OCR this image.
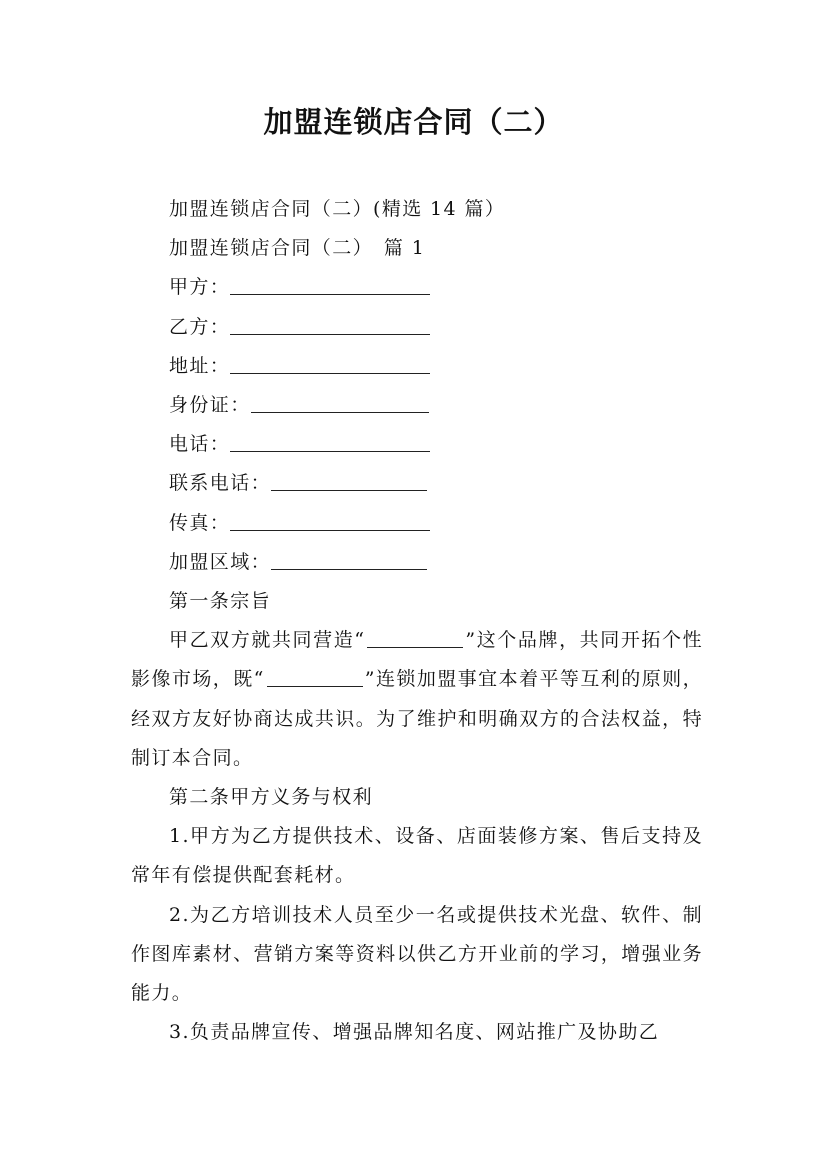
加盟连锁店合同（二）
加盟连锁店合同（二）(精选 14 篇）
加盟连锁店合同（二）　篇 1
甲方：
乙方：
地址：
身份证：
电话：
联系电话：
传真：
加盟区域：
第一条宗旨
甲乙双方就共同营造“	”这个品牌，共同开拓个性影像市场，既“	”连锁加盟事宜本着平等互利的原则，经双方友好协商达成共识。为了维护和明确双方的合法权益，特制订本合同。
第二条甲方义务与权利
1.甲方为乙方提供技术、设备、店面装修方案、售后支持及常年有偿提供配套耗材。
2.为乙方培训技术人员至少一名或提供技术光盘、软件、制作图库素材、营销方案等资料以供乙方开业前的学习，增强业务能力。
3.负责品牌宣传、增强品牌知名度、网站推广及协助乙
